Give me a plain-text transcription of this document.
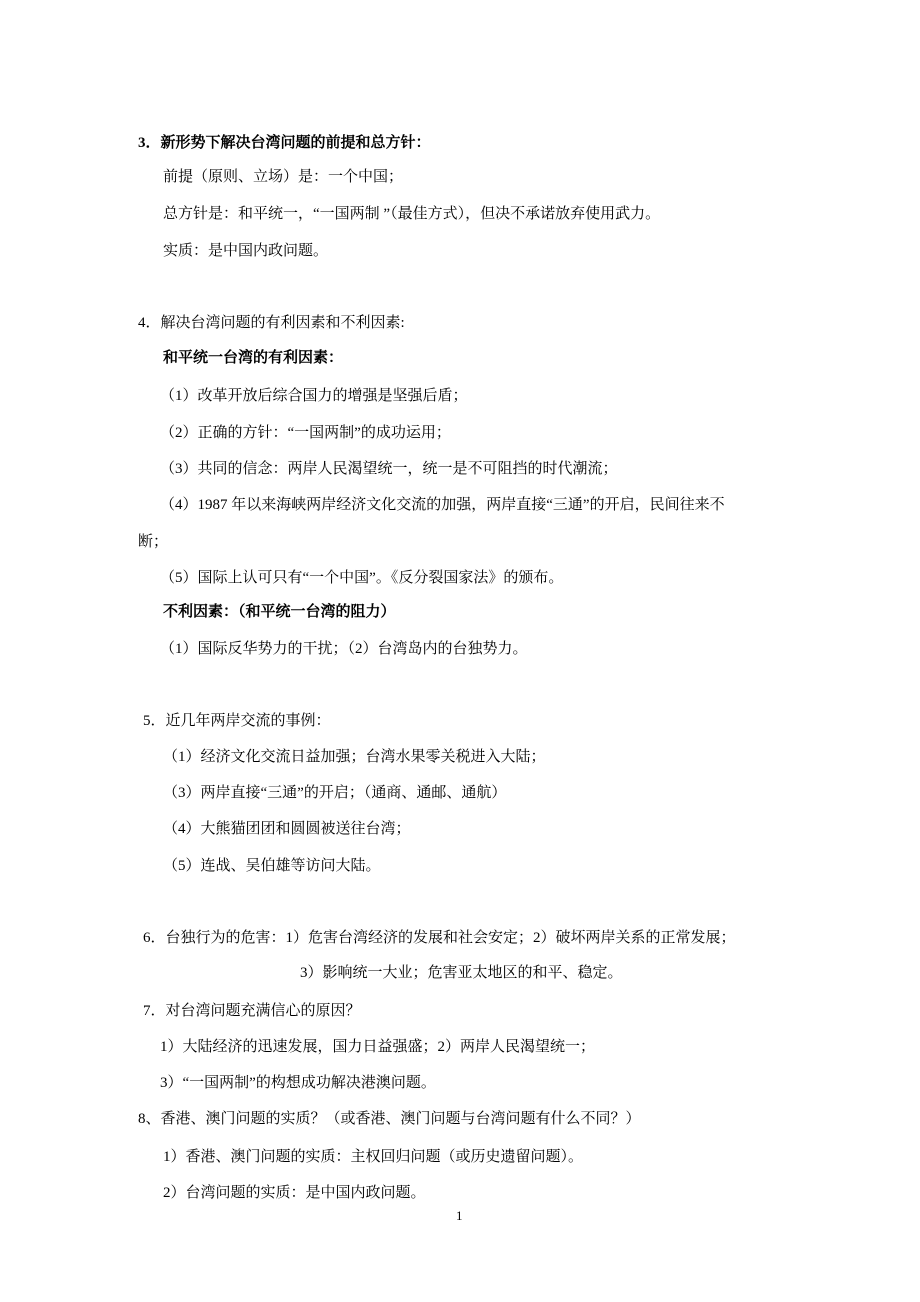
3．新形势下解决台湾问题的前提和总方针：
前提（原则、立场）是：一个中国；
总方针是：和平统一，“一国两制 ”（最佳方式），但决不承诺放弃使用武力。
实质：是中国内政问题。
4．解决台湾问题的有利因素和不利因素:
和平统一台湾的有利因素：
（1）改革开放后综合国力的增强是坚强后盾；
（2）正确的方针：“一国两制”的成功运用；
（3）共同的信念：两岸人民渴望统一，统一是不可阻挡的时代潮流；
（4）1987 年以来海峡两岸经济文化交流的加强，两岸直接“三通”的开启，民间往来不
断；
（5）国际上认可只有“一个中国”。《反分裂国家法》的颁布。
不利因素：（和平统一台湾的阻力）
（1）国际反华势力的干扰；（2）台湾岛内的台独势力。
5．近几年两岸交流的事例：
（1）经济文化交流日益加强；台湾水果零关税进入大陆；
（3）两岸直接“三通”的开启；（通商、通邮、通航）
（4）大熊猫团团和圆圆被送往台湾；
（5）连战、吴伯雄等访问大陆。
6．台独行为的危害：1）危害台湾经济的发展和社会安定；2）破坏两岸关系的正常发展；
3）影响统一大业；危害亚太地区的和平、稳定。
7．对台湾问题充满信心的原因？
1）大陆经济的迅速发展，国力日益强盛；2）两岸人民渴望统一；
3）“一国两制”的构想成功解决港澳问题。
8、香港、澳门问题的实质？（或香港、澳门问题与台湾问题有什么不同？）
1）香港、澳门问题的实质：主权回归问题（或历史遗留问题）。
2）台湾问题的实质：是中国内政问题。
1
